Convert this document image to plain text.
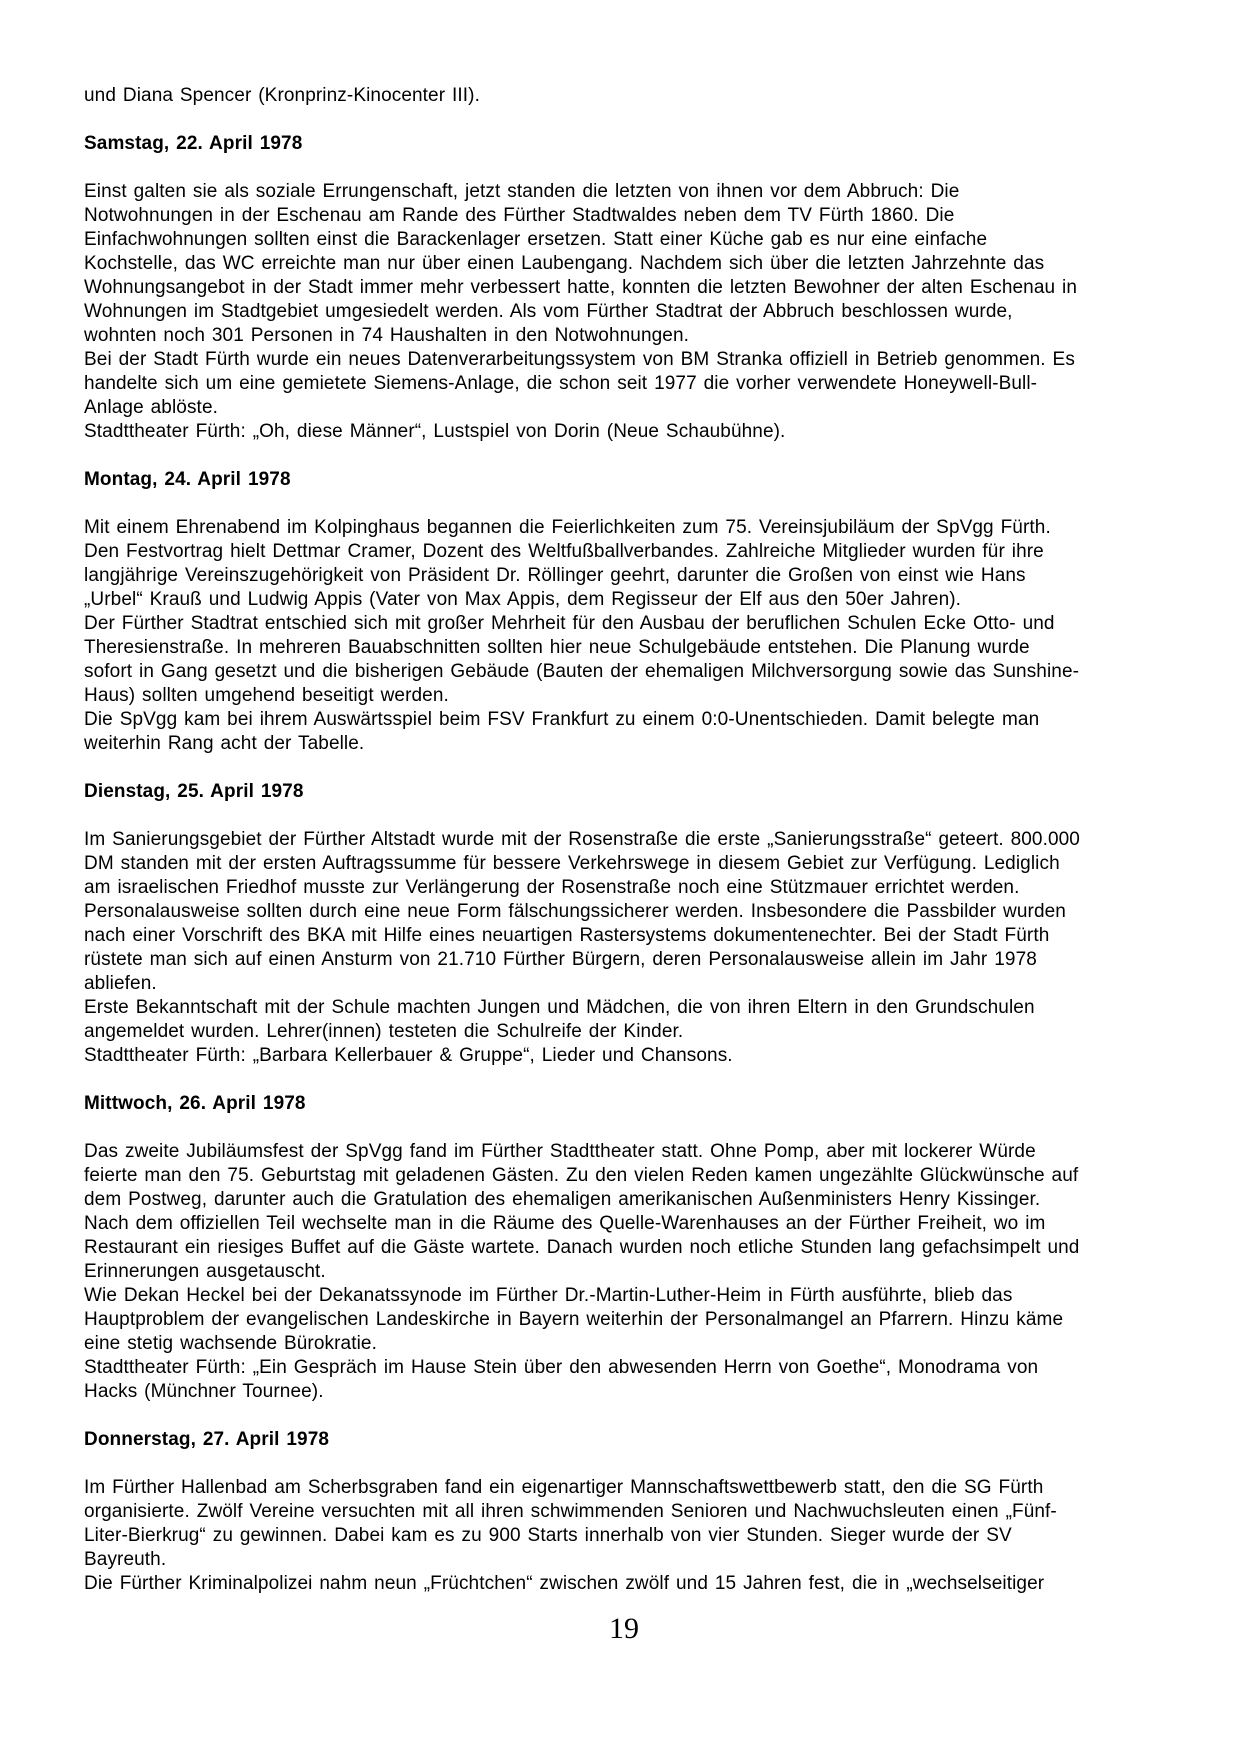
und Diana Spencer (Kronprinz-Kinocenter III).
Samstag, 22. April 1978
Einst galten sie als soziale Errungenschaft, jetzt standen die letzten von ihnen vor dem Abbruch: Die
Notwohnungen in der Eschenau am Rande des Fürther Stadtwaldes neben dem TV Fürth 1860. Die
Einfachwohnungen sollten einst die Barackenlager ersetzen. Statt einer Küche gab es nur eine einfache
Kochstelle, das WC erreichte man nur über einen Laubengang. Nachdem sich über die letzten Jahrzehnte das
Wohnungsangebot in der Stadt immer mehr verbessert hatte, konnten die letzten Bewohner der alten Eschenau in
Wohnungen im Stadtgebiet umgesiedelt werden. Als vom Fürther Stadtrat der Abbruch beschlossen wurde,
wohnten noch 301 Personen in 74 Haushalten in den Notwohnungen.
Bei der Stadt Fürth wurde ein neues Datenverarbeitungssystem von BM Stranka offiziell in Betrieb genommen. Es
handelte sich um eine gemietete Siemens-Anlage, die schon seit 1977 die vorher verwendete Honeywell-Bull-
Anlage ablöste.
Stadttheater Fürth: „Oh, diese Männer“, Lustspiel von Dorin (Neue Schaubühne).
Montag, 24. April 1978
Mit einem Ehrenabend im Kolpinghaus begannen die Feierlichkeiten zum 75. Vereinsjubiläum der SpVgg Fürth.
Den Festvortrag hielt Dettmar Cramer, Dozent des Weltfußballverbandes. Zahlreiche Mitglieder wurden für ihre
langjährige Vereinszugehörigkeit von Präsident Dr. Röllinger geehrt, darunter die Großen von einst wie Hans
„Urbel“ Krauß und Ludwig Appis (Vater von Max Appis, dem Regisseur der Elf aus den 50er Jahren).
Der Fürther Stadtrat entschied sich mit großer Mehrheit für den Ausbau der beruflichen Schulen Ecke Otto- und
Theresienstraße. In mehreren Bauabschnitten sollten hier neue Schulgebäude entstehen. Die Planung wurde
sofort in Gang gesetzt und die bisherigen Gebäude (Bauten der ehemaligen Milchversorgung sowie das Sunshine-
Haus) sollten umgehend beseitigt werden.
Die SpVgg kam bei ihrem Auswärtsspiel beim FSV Frankfurt zu einem 0:0-Unentschieden. Damit belegte man
weiterhin Rang acht der Tabelle.
Dienstag, 25. April 1978
Im Sanierungsgebiet der Fürther Altstadt wurde mit der Rosenstraße die erste „Sanierungsstraße“ geteert. 800.000
DM standen mit der ersten Auftragssumme für bessere Verkehrswege in diesem Gebiet zur Verfügung. Lediglich
am israelischen Friedhof musste zur Verlängerung der Rosenstraße noch eine Stützmauer errichtet werden.
Personalausweise sollten durch eine neue Form fälschungssicherer werden. Insbesondere die Passbilder wurden
nach einer Vorschrift des BKA mit Hilfe eines neuartigen Rastersystems dokumentenechter. Bei der Stadt Fürth
rüstete man sich auf einen Ansturm von 21.710 Fürther Bürgern, deren Personalausweise allein im Jahr 1978
abliefen.
Erste Bekanntschaft mit der Schule machten Jungen und Mädchen, die von ihren Eltern in den Grundschulen
angemeldet wurden. Lehrer(innen) testeten die Schulreife der Kinder.
Stadttheater Fürth: „Barbara Kellerbauer & Gruppe“, Lieder und Chansons.
Mittwoch, 26. April 1978
Das zweite Jubiläumsfest der SpVgg fand im Fürther Stadttheater statt. Ohne Pomp, aber mit lockerer Würde
feierte man den 75. Geburtstag mit geladenen Gästen. Zu den vielen Reden kamen ungezählte Glückwünsche auf
dem Postweg, darunter auch die Gratulation des ehemaligen amerikanischen Außenministers Henry Kissinger.
Nach dem offiziellen Teil wechselte man in die Räume des Quelle-Warenhauses an der Fürther Freiheit, wo im
Restaurant ein riesiges Buffet auf die Gäste wartete. Danach wurden noch etliche Stunden lang gefachsimpelt und
Erinnerungen ausgetauscht.
Wie Dekan Heckel bei der Dekanatssynode im Fürther Dr.-Martin-Luther-Heim in Fürth ausführte, blieb das
Hauptproblem der evangelischen Landeskirche in Bayern weiterhin der Personalmangel an Pfarrern. Hinzu käme
eine stetig wachsende Bürokratie.
Stadttheater Fürth: „Ein Gespräch im Hause Stein über den abwesenden Herrn von Goethe“, Monodrama von
Hacks (Münchner Tournee).
Donnerstag, 27. April 1978
Im Fürther Hallenbad am Scherbsgraben fand ein eigenartiger Mannschaftswettbewerb statt, den die SG Fürth
organisierte. Zwölf Vereine versuchten mit all ihren schwimmenden Senioren und Nachwuchsleuten einen „Fünf-
Liter-Bierkrug“ zu gewinnen. Dabei kam es zu 900 Starts innerhalb von vier Stunden. Sieger wurde der SV
Bayreuth.
Die Fürther Kriminalpolizei nahm neun „Früchtchen“ zwischen zwölf und 15 Jahren fest, die in „wechselseitiger
19
